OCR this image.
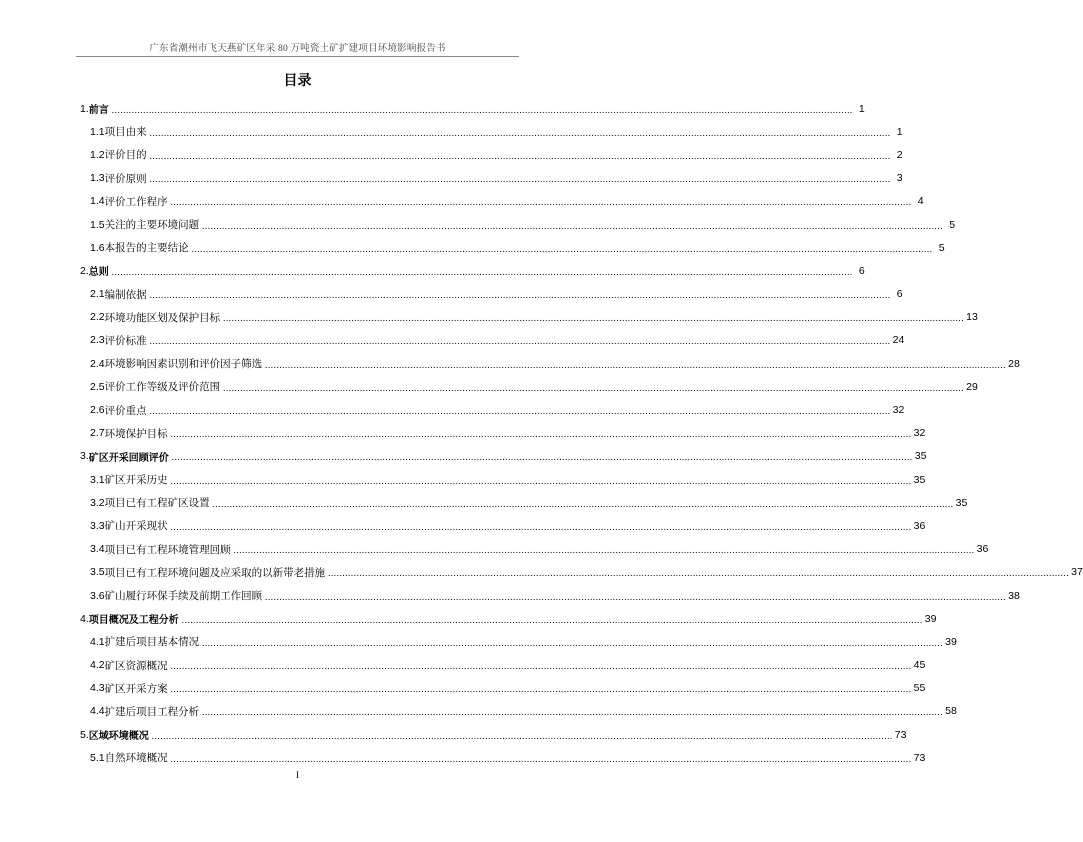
广东省潮州市飞天燕矿区年采 80 万吨瓷土矿扩建项目环境影响报告书
目录
1. 前言 .................................................................................................................................................................................................................................................................... 1
1.1 项目由来 .................................................................................................................................................................................................................................................................... 1
1.2 评价目的 .................................................................................................................................................................................................................................................................... 2
1.3 评价原则 .................................................................................................................................................................................................................................................................... 3
1.4 评价工作程序 .................................................................................................................................................................................................................................................................... 4
1.5 关注的主要环境问题 .................................................................................................................................................................................................................................................................... 5
1.6 本报告的主要结论 .................................................................................................................................................................................................................................................................... 5
2. 总则 .................................................................................................................................................................................................................................................................... 6
2.1 编制依据 .................................................................................................................................................................................................................................................................... 6
2.2 环境功能区划及保护目标 .................................................................................................................................................................................................................................................................... 13
2.3 评价标准 .................................................................................................................................................................................................................................................................... 24
2.4 环境影响因素识别和评价因子筛选 .................................................................................................................................................................................................................................................................... 28
2.5 评价工作等级及评价范围 .................................................................................................................................................................................................................................................................... 29
2.6 评价重点 .................................................................................................................................................................................................................................................................... 32
2.7 环境保护目标 .................................................................................................................................................................................................................................................................... 32
3. 矿区开采回顾评价 .................................................................................................................................................................................................................................................................... 35
3.1 矿区开采历史 .................................................................................................................................................................................................................................................................... 35
3.2 项目已有工程矿区设置 .................................................................................................................................................................................................................................................................... 35
3.3 矿山开采现状 .................................................................................................................................................................................................................................................................... 36
3.4 项目已有工程环境管理回顾 .................................................................................................................................................................................................................................................................... 36
3.5 项目已有工程环境问题及应采取的以新带老措施 .................................................................................................................................................................................................................................................................... 37
3.6 矿山履行环保手续及前期工作回顾 .................................................................................................................................................................................................................................................................... 38
4. 项目概况及工程分析 .................................................................................................................................................................................................................................................................... 39
4.1 扩建后项目基本情况 .................................................................................................................................................................................................................................................................... 39
4.2 矿区资源概况 .................................................................................................................................................................................................................................................................... 45
4.3 矿区开采方案 .................................................................................................................................................................................................................................................................... 55
4.4 扩建后项目工程分析 .................................................................................................................................................................................................................................................................... 58
5. 区域环境概况 .................................................................................................................................................................................................................................................................... 73
5.1 自然环境概况 .................................................................................................................................................................................................................................................................... 73
I
